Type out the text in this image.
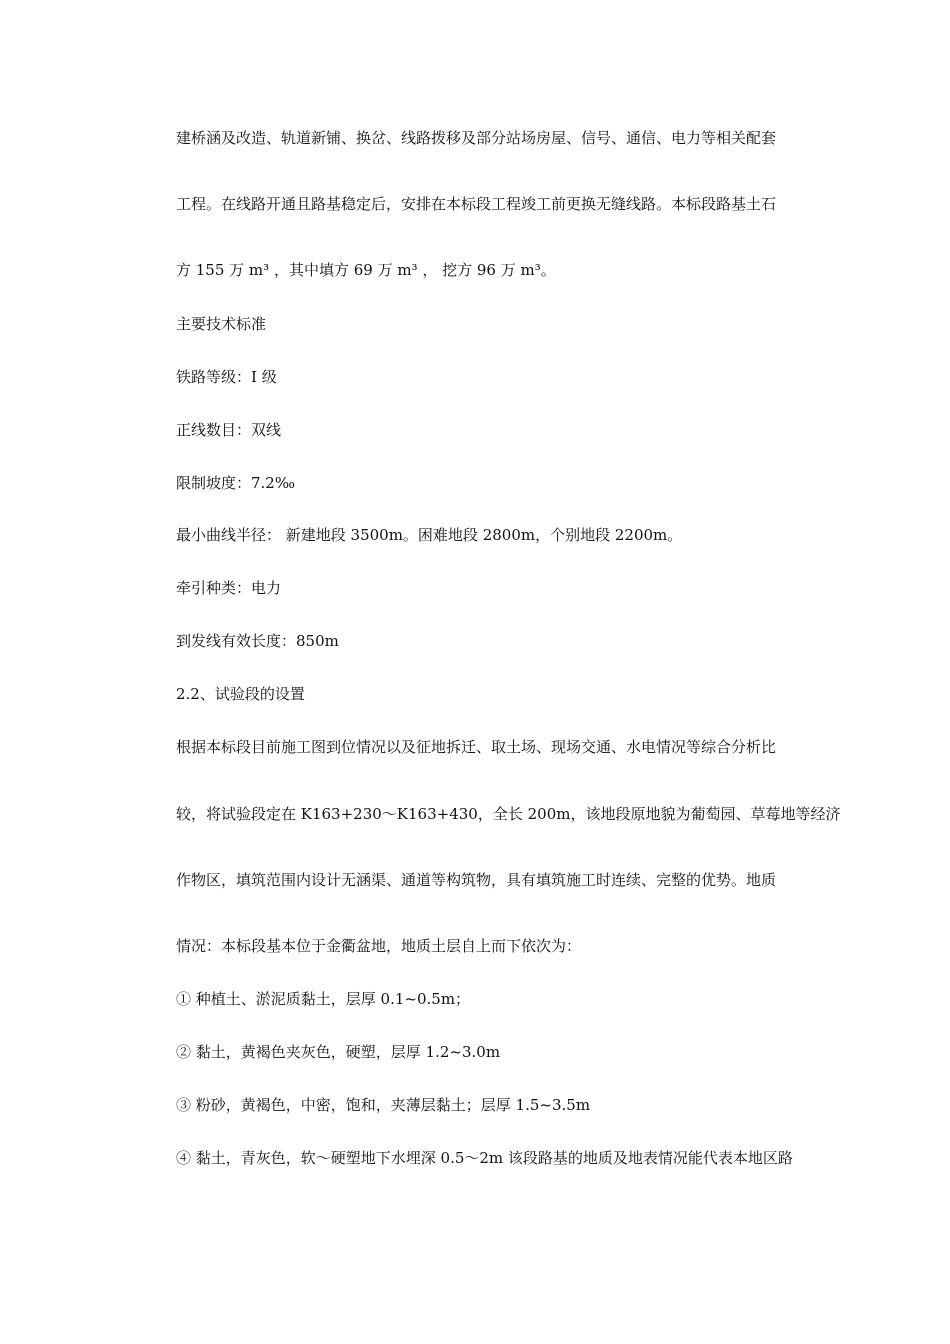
建桥涵及改造、轨道新铺、换岔、线路拨移及部分站场房屋、信号、通信、电力等相关配套
工程。在线路开通且路基稳定后，安排在本标段工程竣工前更换无缝线路。本标段路基土石
方 155 万 m³ ，其中填方 69 万 m³ ， 挖方 96 万 m³。
主要技术标准
铁路等级：I 级
正线数目：双线
限制坡度：7.2‰
最小曲线半径： 新建地段 3500m。困难地段 2800m，个别地段 2200m。
牵引种类：电力
到发线有效长度：850m
2.2、试验段的设置
根据本标段目前施工图到位情况以及征地拆迁、取土场、现场交通、水电情况等综合分析比
较，将试验段定在 K163+230～K163+430，全长 200m，该地段原地貌为葡萄园、草莓地等经济
作物区，填筑范围内设计无涵渠、通道等构筑物，具有填筑施工时连续、完整的优势。地质
情况：本标段基本位于金衢盆地，地质土层自上而下依次为：
① 种植土、淤泥质黏土，层厚 0.1~0.5m；
② 黏土，黄褐色夹灰色，硬塑，层厚 1.2~3.0m
③ 粉砂，黄褐色，中密，饱和，夹薄层黏土；层厚 1.5~3.5m
④ 黏土，青灰色，软～硬塑地下水埋深 0.5～2m 该段路基的地质及地表情况能代表本地区路
